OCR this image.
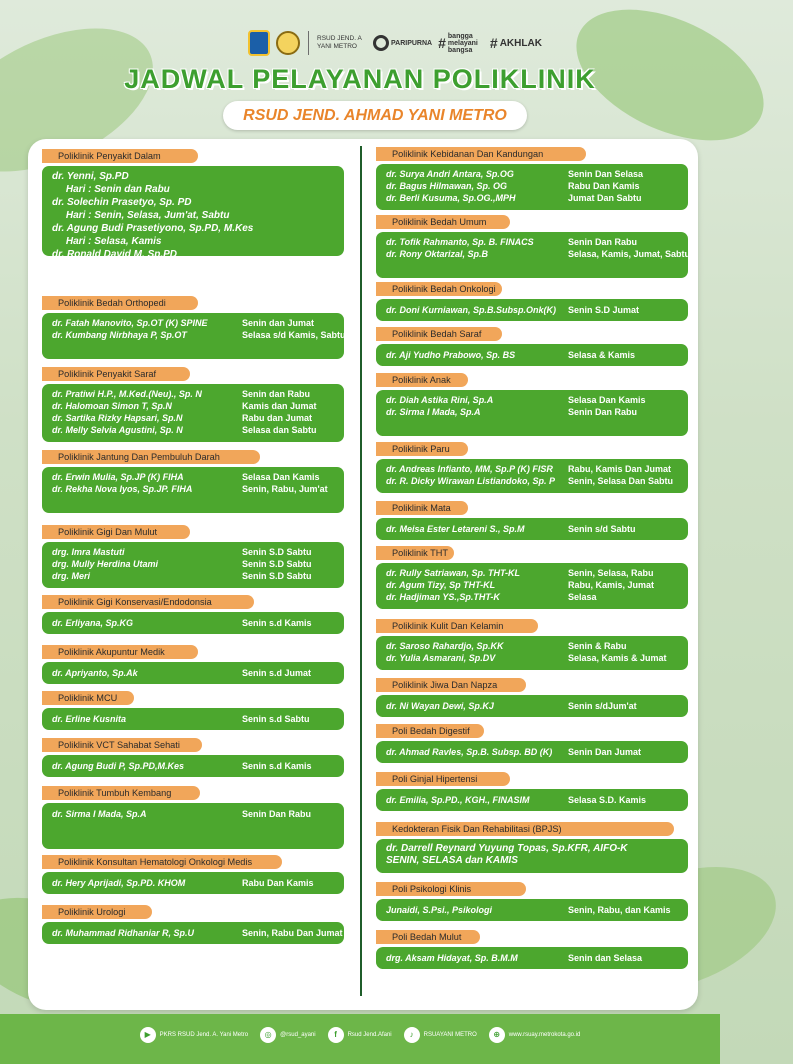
RSUD JEND. A YANI METRO	PARIPURNA # bangga melayani bangsa	# AKHLAK
JADWAL PELAYANAN POLIKLINIK
RSUD JEND. AHMAD YANI METRO
Poliklinik Penyakit Dalam
dr. Yenni, Sp.PD
Hari : Senin dan Rabu
dr. Solechin Prasetyo, Sp. PD
Hari : Senin, Selasa, Jum'at, Sabtu
dr. Agung Budi Prasetiyono, Sp.PD, M.Kes
Hari : Selasa, Kamis
dr. Ronald David M, Sp.PD
Hari : Rabu, Jum'at
Poliklinik Bedah Orthopedi
dr. Fatah Manovito, Sp.OT (K) SPINE	Senin dan Jumat
dr. Kumbang Nirbhaya P, Sp.OT	Selasa s/d Kamis, Sabtu
Poliklinik Penyakit Saraf
dr. Pratiwi H.P., M.Ked.(Neu)., Sp. N	Senin dan Rabu
dr. Halomoan Simon T, Sp.N	Kamis dan Jumat
dr. Sartika Rizky Hapsari, Sp.N	Rabu dan Jumat
dr. Melly Selvia Agustini, Sp. N	Selasa dan Sabtu
Poliklinik Jantung Dan Pembuluh Darah
dr. Erwin Mulia, Sp.JP (K) FIHA	Selasa Dan Kamis
dr. Rekha Nova Iyos, Sp.JP. FIHA	Senin, Rabu, Jum'at
Poliklinik Gigi Dan Mulut
drg. Imra Mastuti	Senin S.D Sabtu
drg. Mully Herdina Utami	Senin S.D Sabtu
drg. Meri	Senin S.D Sabtu
Poliklinik Gigi Konservasi/Endodonsia
dr. Erliyana, Sp.KG	Senin s.d Kamis
Poliklinik Akupuntur Medik
dr. Apriyanto, Sp.Ak	Senin s.d Jumat
Poliklinik MCU
dr. Erline Kusnita	Senin s.d Sabtu
Poliklinik VCT Sahabat Sehati
dr. Agung Budi P, Sp.PD,M.Kes	Senin s.d Kamis
Poliklinik Tumbuh Kembang
dr. Sirma I Mada, Sp.A	Senin Dan Rabu
Poliklinik Konsultan Hematologi Onkologi Medis
dr. Hery Aprijadi, Sp.PD. KHOM	Rabu Dan Kamis
Poliklinik Urologi
dr. Muhammad Ridhaniar R, Sp.U	Senin, Rabu Dan Jumat
Poliklinik Kebidanan Dan Kandungan
dr. Surya Andri Antara, Sp.OG	Senin Dan Selasa
dr. Bagus Hilmawan, Sp. OG	Rabu Dan Kamis
dr. Berli Kusuma, Sp.OG.,MPH	Jumat Dan Sabtu
Poliklinik Bedah Umum
dr. Tofik Rahmanto, Sp. B. FINACS	Senin Dan Rabu
dr. Rony Oktarizal, Sp.B	Selasa, Kamis, Jumat, Sabtu
Poliklinik Bedah Onkologi
dr. Doni Kurniawan, Sp.B.Subsp.Onk(K) Senin S.D Jumat
Poliklinik Bedah Saraf
dr. Aji Yudho Prabowo, Sp. BS	Selasa & Kamis
Poliklinik Anak
dr. Diah Astika Rini, Sp.A	Selasa Dan Kamis
dr. Sirma I Mada, Sp.A	Senin Dan Rabu
Poliklinik Paru
dr. Andreas Infianto, MM, Sp.P (K) FISR Rabu, Kamis Dan Jumat
dr. R. Dicky Wirawan Listiandoko, Sp. P Senin, Selasa Dan Sabtu
Poliklinik Mata
dr. Meisa Ester Letareni S., Sp.M	Senin s/d Sabtu
Poliklinik THT
dr. Rully Satriawan, Sp. THT-KL	Senin, Selasa, Rabu
dr. Agum Tizy, Sp THT-KL	Rabu, Kamis, Jumat
dr. Hadjiman YS.,Sp.THT-K	Selasa
Poliklinik Kulit Dan Kelamin
dr. Saroso Rahardjo, Sp.KK	Senin & Rabu
dr. Yulia Asmarani, Sp.DV	Selasa, Kamis & Jumat
Poliklinik Jiwa Dan Napza
dr. Ni Wayan Dewi, Sp.KJ	Senin s/dJum'at
Poli Bedah Digestif
dr. Ahmad Ravles, Sp.B. Subsp. BD (K) Senin Dan Jumat
Poli Ginjal Hipertensi
dr. Emilia, Sp.PD., KGH., FINASIM	Selasa S.D. Kamis
Kedokteran Fisik Dan Rehabilitasi (BPJS)
dr. Darrell Reynard Yuyung Topas, Sp.KFR, AIFO-K
SENIN, SELASA dan KAMIS
Poli Psikologi Klinis
Junaidi, S.Psi., Psikologi	Senin, Rabu, dan Kamis
Poli Bedah Mulut
drg. Aksam Hidayat, Sp. B.M.M	Senin dan Selasa
▶	PKRS RSUD Jend. A. Yani Metro	◎	@rsud_ayani	f	Rsud Jend.Afani	♪	RSUAYANI METRO	⊕	www.rsuay.metrokota.go.id
